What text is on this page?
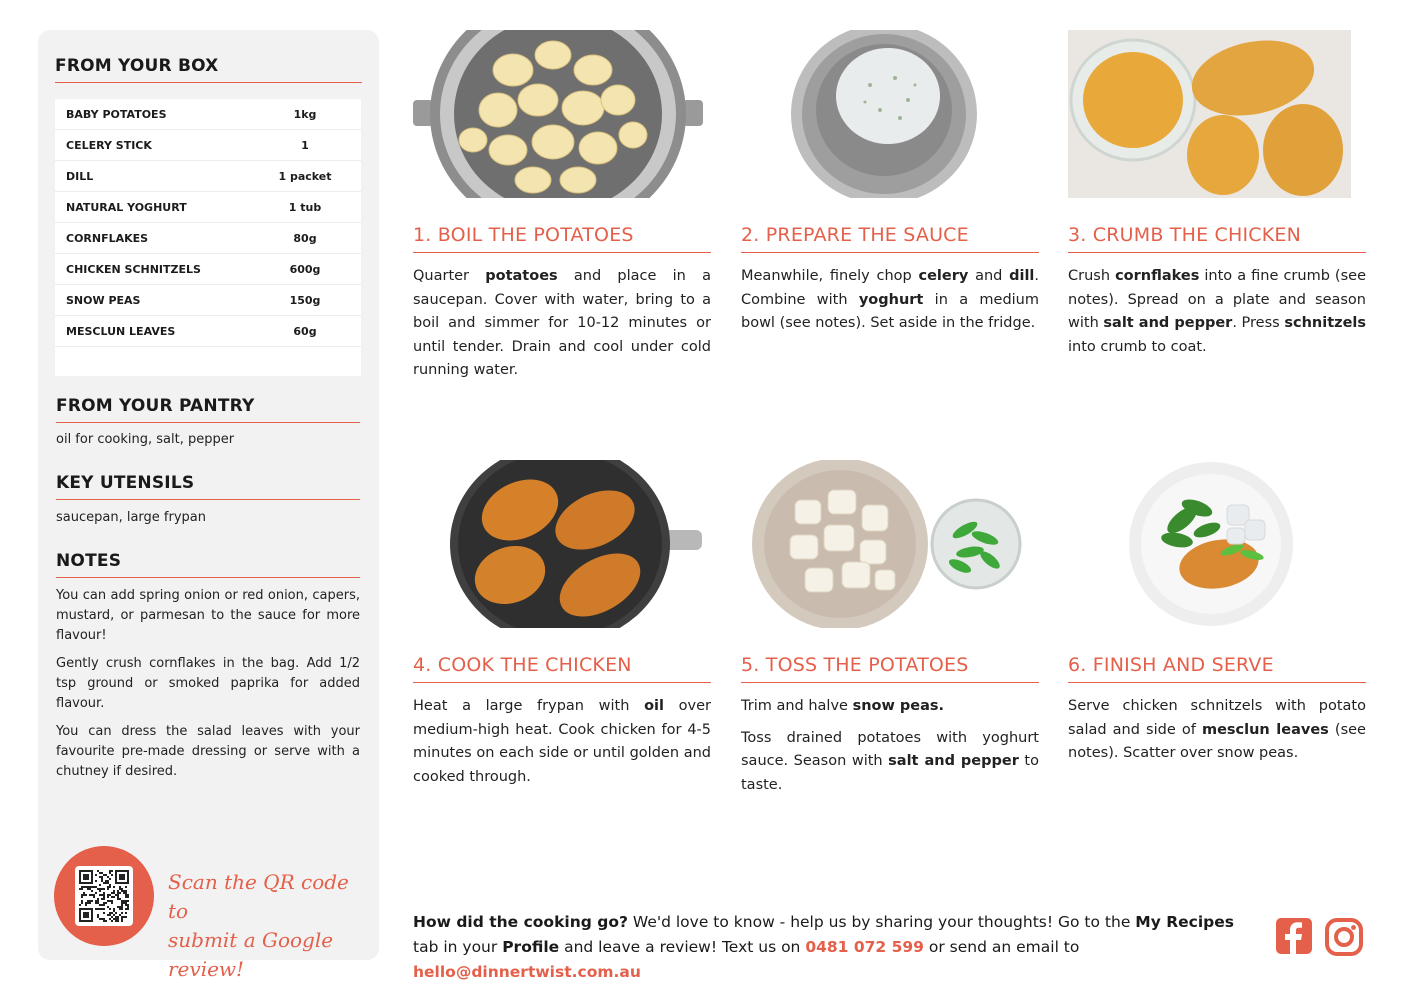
FROM YOUR BOX
BABY POTATOES	1kg
CELERY STICK	1
DILL	1 packet
NATURAL YOGHURT	1 tub
CORNFLAKES	80g
CHICKEN SCHNITZELS	600g
SNOW PEAS	150g
MESCLUN LEAVES	60g
FROM YOUR PANTRY
oil for cooking, salt, pepper
KEY UTENSILS
saucepan, large frypan
NOTES

You can add spring onion or red onion, capers, mustard, or parmesan to the sauce for more flavour!

Gently crush cornflakes in the bag. Add 1/2 tsp ground or smoked paprika for added flavour.

You can dress the salad leaves with your favourite pre-made dressing or serve with a chutney if desired.

Scan the QR code to
submit a Google review!
1. BOIL THE POTATOES

Quarter potatoes and place in a saucepan. Cover with water, bring to a boil and simmer for 10-12 minutes or until tender. Drain and cool under cold running water.

2. PREPARE THE SAUCE

Meanwhile, finely chop celery and dill. Combine with yoghurt in a medium bowl (see notes). Set aside in the fridge.

3. CRUMB THE CHICKEN

Crush cornflakes into a fine crumb (see notes). Spread on a plate and season with salt and pepper. Press schnitzels into crumb to coat.

4. COOK THE CHICKEN

Heat a large frypan with oil over medium-high heat. Cook chicken for 4-5 minutes on each side or until golden and cooked through.

5. TOSS THE POTATOES

Trim and halve snow peas.

Toss drained potatoes with yoghurt sauce. Season with salt and pepper to taste.

6. FINISH AND SERVE

Serve chicken schnitzels with potato salad and side of mesclun leaves (see notes). Scatter over snow peas.

How did the cooking go? We'd love to know - help us by sharing your thoughts! Go to the My Recipes tab in your Profile and leave a review! Text us on 0481 072 599 or send an email to hello@dinnertwist.com.au
